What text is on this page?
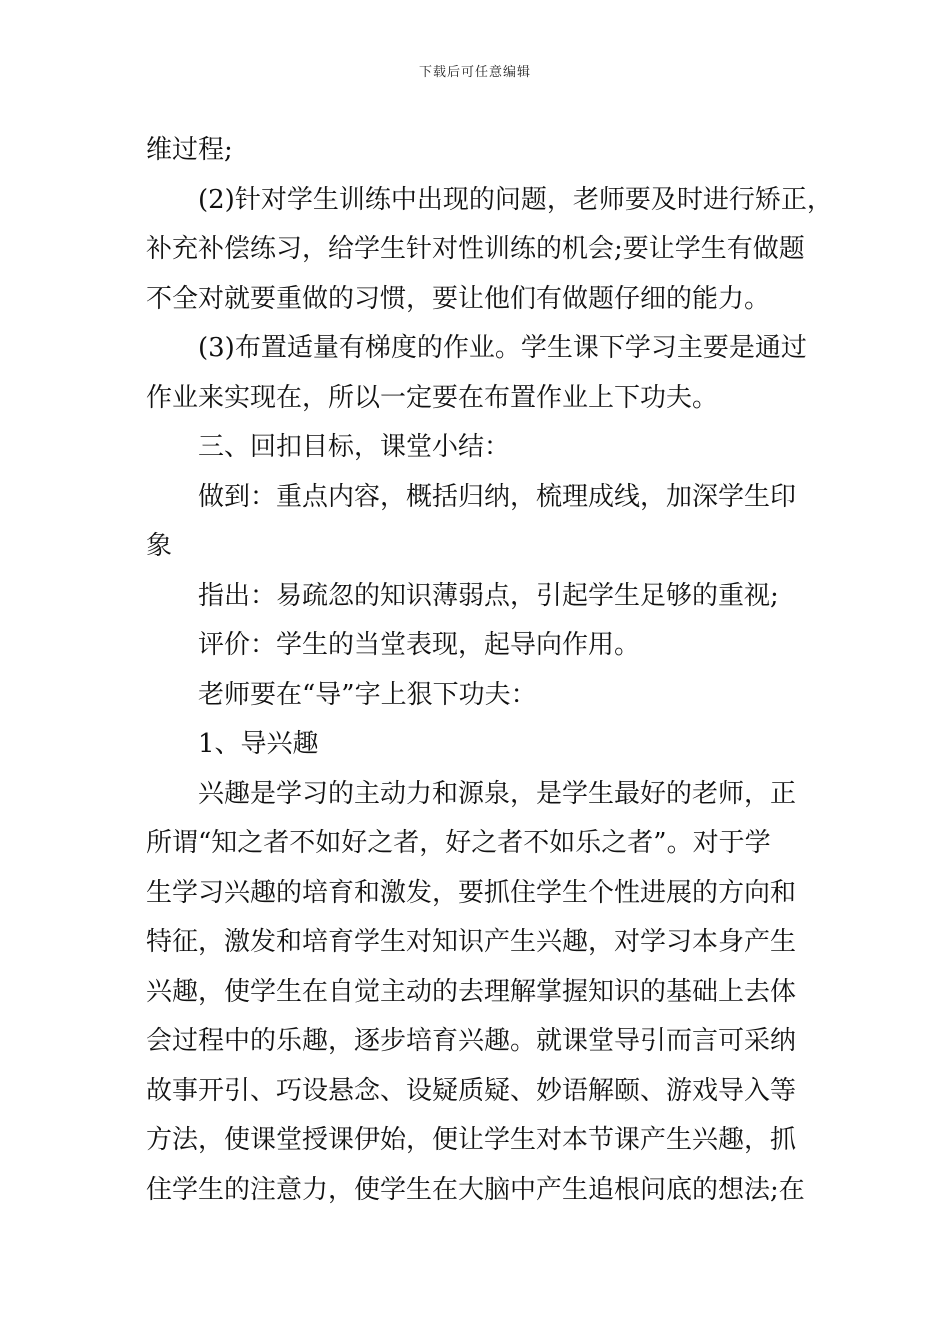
下载后可任意编辑
维过程;
(2)针对学生训练中出现的问题，老师要及时进行矫正，
补充补偿练习，给学生针对性训练的机会;要让学生有做题
不全对就要重做的习惯，要让他们有做题仔细的能力。
(3)布置适量有梯度的作业。学生课下学习主要是通过
作业来实现在，所以一定要在布置作业上下功夫。
三、回扣目标，课堂小结：
做到：重点内容，概括归纳，梳理成线，加深学生印
象
指出：易疏忽的知识薄弱点，引起学生足够的重视;
评价：学生的当堂表现，起导向作用。
老师要在“导”字上狠下功夫：
1、导兴趣
兴趣是学习的主动力和源泉，是学生最好的老师，正
所谓“知之者不如好之者，好之者不如乐之者”。对于学
生学习兴趣的培育和激发，要抓住学生个性进展的方向和
特征，激发和培育学生对知识产生兴趣，对学习本身产生
兴趣，使学生在自觉主动的去理解掌握知识的基础上去体
会过程中的乐趣，逐步培育兴趣。就课堂导引而言可采纳
故事开引、巧设悬念、设疑质疑、妙语解颐、游戏导入等
方法，使课堂授课伊始，便让学生对本节课产生兴趣，抓
住学生的注意力，使学生在大脑中产生追根问底的想法;在
